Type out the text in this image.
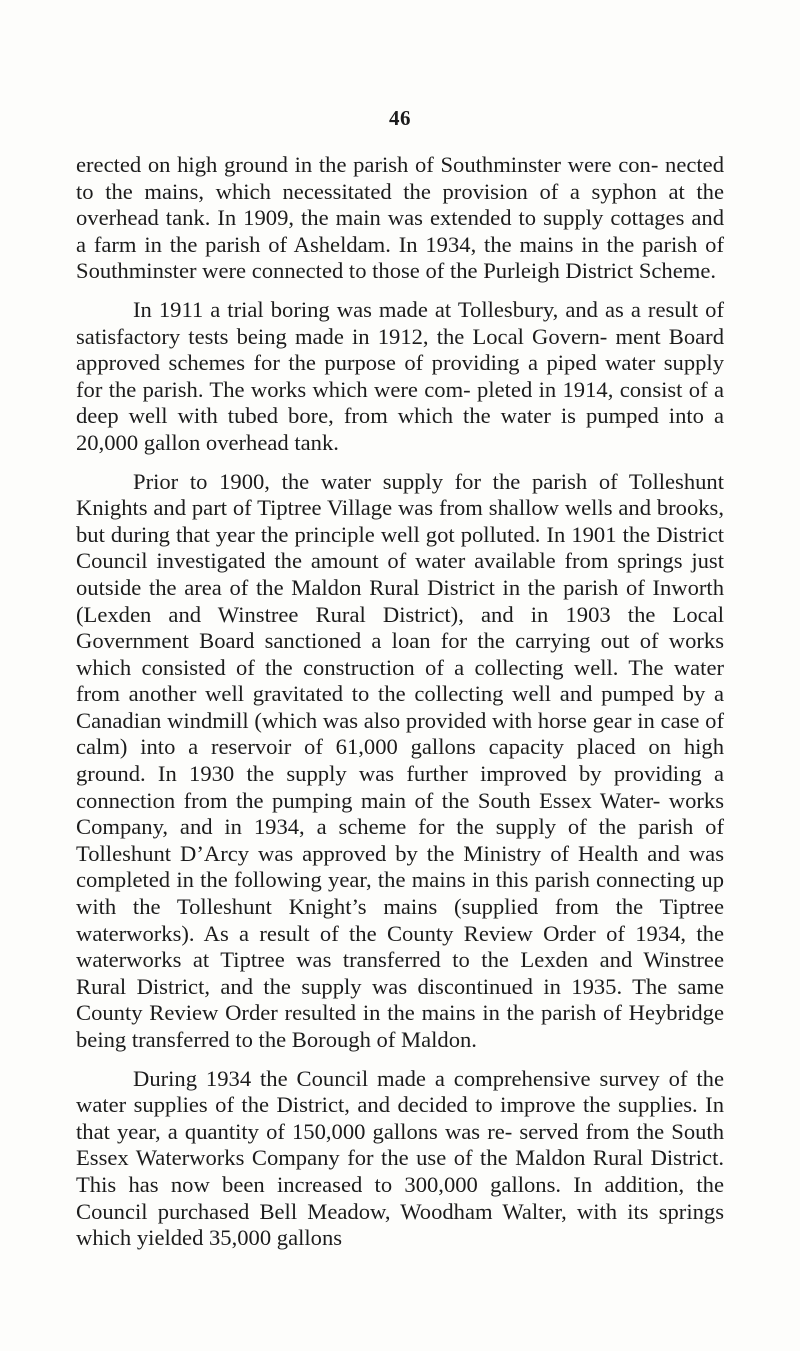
46

erected on high ground in the parish of Southminster were con- nected to the mains, which necessitated the provision of a syphon at the overhead tank. In 1909, the main was extended to supply cottages and a farm in the parish of Asheldam. In 1934, the mains in the parish of Southminster were connected to those of the Purleigh District Scheme.

In 1911 a trial boring was made at Tollesbury, and as a result of satisfactory tests being made in 1912, the Local Govern- ment Board approved schemes for the purpose of providing a piped water supply for the parish. The works which were com- pleted in 1914, consist of a deep well with tubed bore, from which the water is pumped into a 20,000 gallon overhead tank.

Prior to 1900, the water supply for the parish of Tolleshunt Knights and part of Tiptree Village was from shallow wells and brooks, but during that year the principle well got polluted. In 1901 the District Council investigated the amount of water available from springs just outside the area of the Maldon Rural District in the parish of Inworth (Lexden and Winstree Rural District), and in 1903 the Local Government Board sanctioned a loan for the carrying out of works which consisted of the construction of a collecting well. The water from another well gravitated to the collecting well and pumped by a Canadian windmill (which was also provided with horse gear in case of calm) into a reservoir of 61,000 gallons capacity placed on high ground. In 1930 the supply was further improved by providing a connection from the pumping main of the South Essex Water- works Company, and in 1934, a scheme for the supply of the parish of Tolleshunt D’Arcy was approved by the Ministry of Health and was completed in the following year, the mains in this parish connecting up with the Tolleshunt Knight’s mains (supplied from the Tiptree waterworks). As a result of the County Review Order of 1934, the waterworks at Tiptree was transferred to the Lexden and Winstree Rural District, and the supply was discontinued in 1935. The same County Review Order resulted in the mains in the parish of Heybridge being transferred to the Borough of Maldon.

During 1934 the Council made a comprehensive survey of the water supplies of the District, and decided to improve the supplies. In that year, a quantity of 150,000 gallons was re- served from the South Essex Waterworks Company for the use of the Maldon Rural District. This has now been increased to 300,000 gallons. In addition, the Council purchased Bell Meadow, Woodham Walter, with its springs which yielded 35,000 gallons
